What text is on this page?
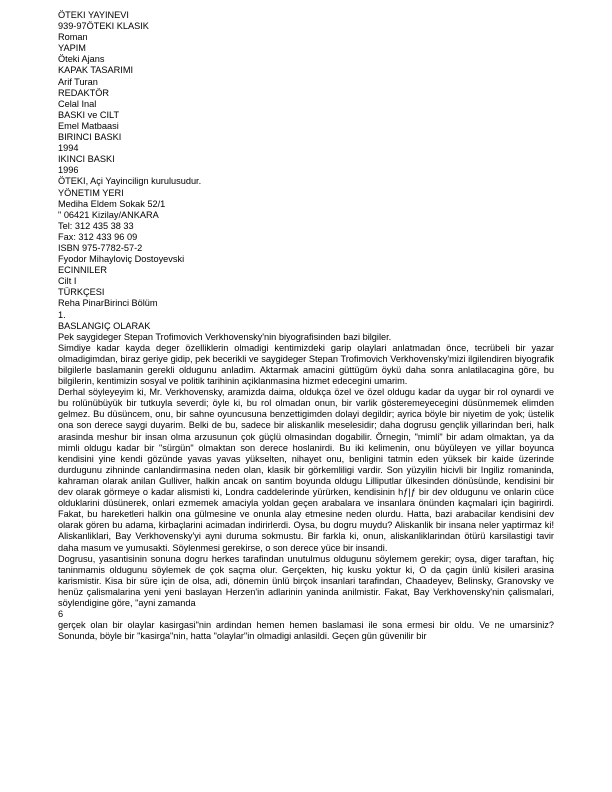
ÖTEKI YAYINEVI
939-97ÖTEKI KLASIK
Roman
YAPIM
Öteki Ajans
KAPAK TASARIMI
Arif Turan
REDAKTÖR
Celal Inal
BASKI ve CILT
Emel Matbaasi
BIRINCI BASKI
1994
IKINCI BASKI
1996
ÖTEKI, Açi Yayincilign kurulusudur.
YÖNETIM YERI
Mediha Eldem Sokak 52/1
" 06421 Kizilay/ANKARA
Tel: 312 435 38 33
Fax: 312 433 96 09
ISBN 975-7782-57-2
Fyodor Mihayloviç Dostoyevski
ECINNILER
Cilt I
TÜRKÇESI
Reha PinarBirinci Bölüm
1.
BASLANGIÇ OLARAK
Pek saygideger Stepan Trofimovich Verkhovensky'nin biyografisinden bazi bilgiler.

Simdiye kadar kayda deger özelliklerin olmadigi kentimizdeki garip olaylari anlatmadan önce, tecrübeli bir yazar olmadigimdan, biraz geriye gidip, pek becerikli ve saygideger Stepan Trofimovich Verkhovensky'mizi ilgilendiren biyografik bilgilerle baslamanin gerekli oldugunu anladim. Aktarmak amacini güttügüm öykü daha sonra anlatilacagina göre, bu bilgilerin, kentimizin sosyal ve politik tarihinin açiklanmasina hizmet edecegini umarim.

Derhal söyleyeyim ki, Mr. Verkhovensky, aramizda daima, oldukça özel ve özel oldugu kadar da uygar bir rol oynardi ve bu rolünübüyük bir tutkuyla severdi; öyle ki, bu rol olmadan onun, bir varlik gösteremeyecegini düsünmemek elimden gelmez. Bu düsüncem, onu, bir sahne oyuncusuna benzettigimden dolayi degildir; ayrica böyle bir niyetim de yok; üstelik ona son derece saygi duyarim. Belki de bu, sadece bir aliskanlik meselesidir; daha dogrusu gençlik yillarindan beri, halk arasinda meshur bir insan olma arzusunun çok güçlü olmasindan dogabilir. Örnegin, "mimli" bir adam olmaktan, ya da mimli oldugu kadar bir "sürgün" olmaktan son derece hoslanirdi. Bu iki kelimenin, onu büyüleyen ve yillar boyunca kendisini yine kendi gözünde yavas yavas yükselten, nihayet onu, benligini tatmin eden yüksek bir kaide üzerinde durdugunu zihninde canlandirmasina neden olan, klasik bir görkemliligi vardir. Son yüzyilin hicivli bir Ingiliz romaninda, kahraman olarak anilan Gulliver, halkin ancak on santim boyunda oldugu Lilliputlar ülkesinden dönüsünde, kendisini bir dev olarak görmeye o kadar alismisti ki, Londra caddelerinde yürürken, kendisinin hƒ|ƒ bir dev oldugunu ve onlarin cüce olduklarini düsünerek, onlari ezmemek amaciyla yoldan geçen arabalara ve insanlara önünden kaçmalari için bagirirdi. Fakat, bu hareketleri halkin ona gülmesine ve onunla alay etmesine neden olurdu. Hatta, bazi arabacilar kendisini dev olarak gören bu adama, kirbaçlarini acimadan indirirlerdi. Oysa, bu dogru muydu? Aliskanlik bir insana neler yaptirmaz ki! Aliskanliklari, Bay Verkhovensky'yi ayni duruma sokmustu. Bir farkla ki, onun, aliskanliklarindan ötürü karsilastigi tavir daha masum ve yumusakti. Söylenmesi gerekirse, o son derece yüce bir insandi.

Dogrusu, yasantisinin sonuna dogru herkes tarafindan unutulmus oldugunu söylemem gerekir; oysa, diger taraftan, hiç taninmamis oldugunu söylemek de çok saçma olur. Gerçekten, hiç kusku yoktur ki, O da çagin ünlü kisileri arasina karismistir. Kisa bir süre için de olsa, adi, dönemin ünlü birçok insanlari tarafindan, Chaadeyev, Belinsky, Granovsky ve henüz çalismalarina yeni yeni baslayan Herzen'in adlarinin yaninda anilmistir. Fakat, Bay Verkhovensky'nin çalismalari, söylendigine göre, "ayni zamanda

6

gerçek olan bir olaylar kasirgasi"nin ardindan hemen hemen baslamasi ile sona ermesi bir oldu. Ve ne umarsiniz? Sonunda, böyle bir "kasirga"nin, hatta "olaylar"in olmadigi anlasildi. Geçen gün güvenilir bir
